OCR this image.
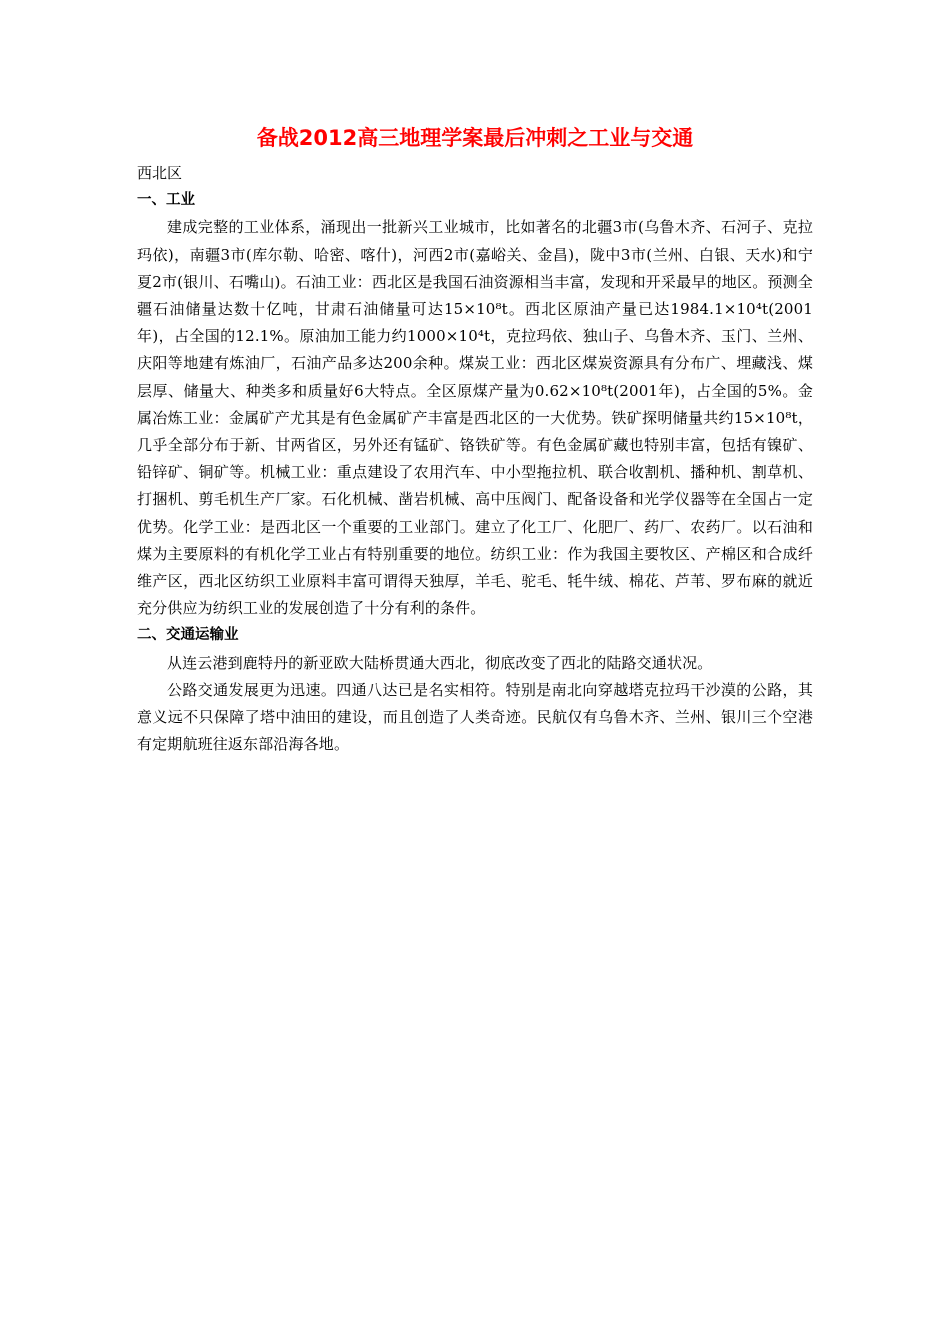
备战2012高三地理学案最后冲刺之工业与交通

西北区

一、工业

建成完整的工业体系，涌现出一批新兴工业城市，比如著名的北疆3市(乌鲁木齐、石河子、克拉玛依)，南疆3市(库尔勒、哈密、喀什)，河西2市(嘉峪关、金昌)，陇中3市(兰州、白银、天水)和宁夏2市(银川、石嘴山)。石油工业：西北区是我国石油资源相当丰富，发现和开采最早的地区。预测全疆石油储量达数十亿吨，甘肃石油储量可达15×10⁸t。西北区原油产量已达1984.1×10⁴t(2001年)，占全国的12.1%。原油加工能力约1000×10⁴t，克拉玛依、独山子、乌鲁木齐、玉门、兰州、庆阳等地建有炼油厂，石油产品多达200余种。煤炭工业：西北区煤炭资源具有分布广、埋藏浅、煤层厚、储量大、种类多和质量好6大特点。全区原煤产量为0.62×10⁸t(2001年)，占全国的5%。金属冶炼工业：金属矿产尤其是有色金属矿产丰富是西北区的一大优势。铁矿探明储量共约15×10⁸t，几乎全部分布于新、甘两省区，另外还有锰矿、铬铁矿等。有色金属矿藏也特别丰富，包括有镍矿、铅锌矿、铜矿等。机械工业：重点建设了农用汽车、中小型拖拉机、联合收割机、播种机、割草机、打捆机、剪毛机生产厂家。石化机械、凿岩机械、高中压阀门、配备设备和光学仪器等在全国占一定优势。化学工业：是西北区一个重要的工业部门。建立了化工厂、化肥厂、药厂、农药厂。以石油和煤为主要原料的有机化学工业占有特别重要的地位。纺织工业：作为我国主要牧区、产棉区和合成纤维产区，西北区纺织工业原料丰富可谓得天独厚，羊毛、驼毛、牦牛绒、棉花、芦苇、罗布麻的就近充分供应为纺织工业的发展创造了十分有利的条件。

二、交通运输业

从连云港到鹿特丹的新亚欧大陆桥贯通大西北，彻底改变了西北的陆路交通状况。

公路交通发展更为迅速。四通八达已是名实相符。特别是南北向穿越塔克拉玛干沙漠的公路，其意义远不只保障了塔中油田的建设，而且创造了人类奇迹。民航仅有乌鲁木齐、兰州、银川三个空港有定期航班往返东部沿海各地。
